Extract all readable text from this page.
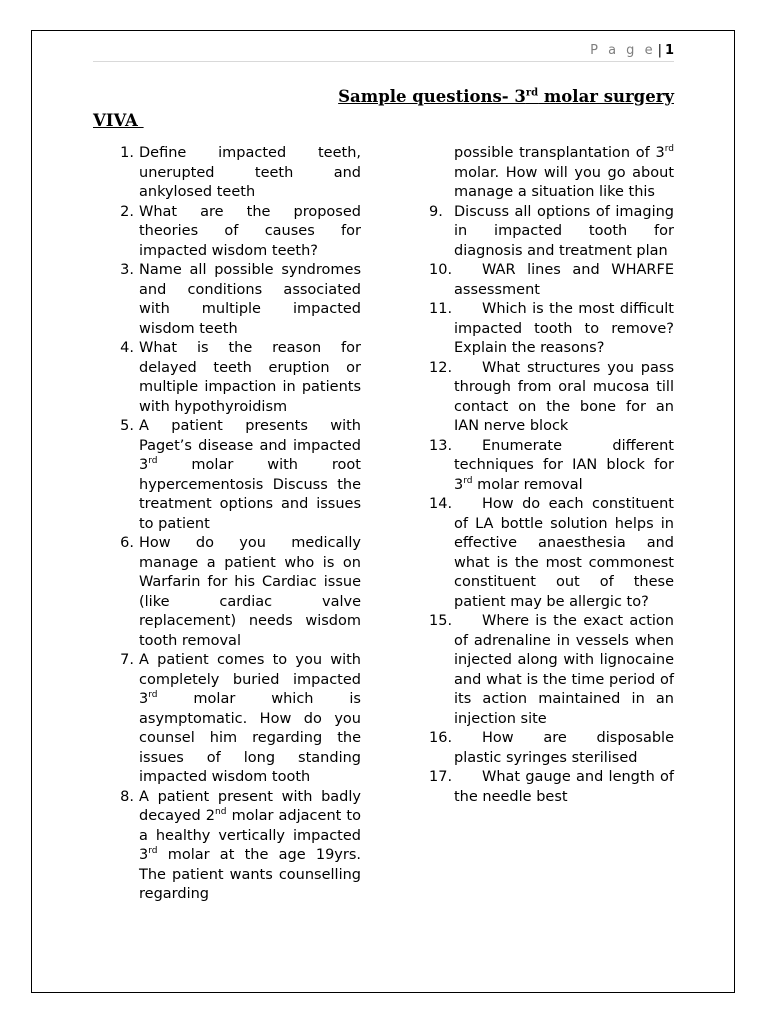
P a g e | 1
Sample questions- 3rd molar surgery
VIVA
1. Define impacted teeth, unerupted teeth and ankylosed teeth
2. What are the proposed theories of causes for impacted wisdom teeth?
3. Name all possible syndromes and conditions associated with multiple impacted wisdom teeth
4. What is the reason for delayed teeth eruption or multiple impaction in patients with hypothyroidism
5. A patient presents with Paget’s disease and impacted 3rd molar with root hypercementosis Discuss the treatment options and issues to patient
6. How do you medically manage a patient who is on Warfarin for his Cardiac issue (like cardiac valve replacement) needs wisdom tooth removal
7. A patient comes to you with completely buried impacted 3rd molar which is asymptomatic. How do you counsel him regarding the issues of long standing impacted wisdom tooth
8. A patient present with badly decayed 2nd molar adjacent to a healthy vertically impacted 3rd molar at the age 19yrs. The patient wants counselling regarding
possible transplantation of 3rd molar. How will you go about manage a situation like this
9. Discuss all options of imaging in impacted tooth for diagnosis and treatment plan
10.	WAR lines and WHARFE assessment
11.	Which is the most difficult impacted tooth to remove? Explain the reasons?
12.	What structures you pass through from oral mucosa till contact on the bone for an IAN nerve block
13.	Enumerate different techniques for IAN block for 3rd molar removal
14.	How do each constituent of LA bottle solution helps in effective anaesthesia and what is the most commonest constituent out of these patient may be allergic to?
15.	Where is the exact action of adrenaline in vessels when injected along with lignocaine and what is the time period of its action maintained in an injection site
16.	How are disposable plastic syringes sterilised
17.	What gauge and length of the needle best
